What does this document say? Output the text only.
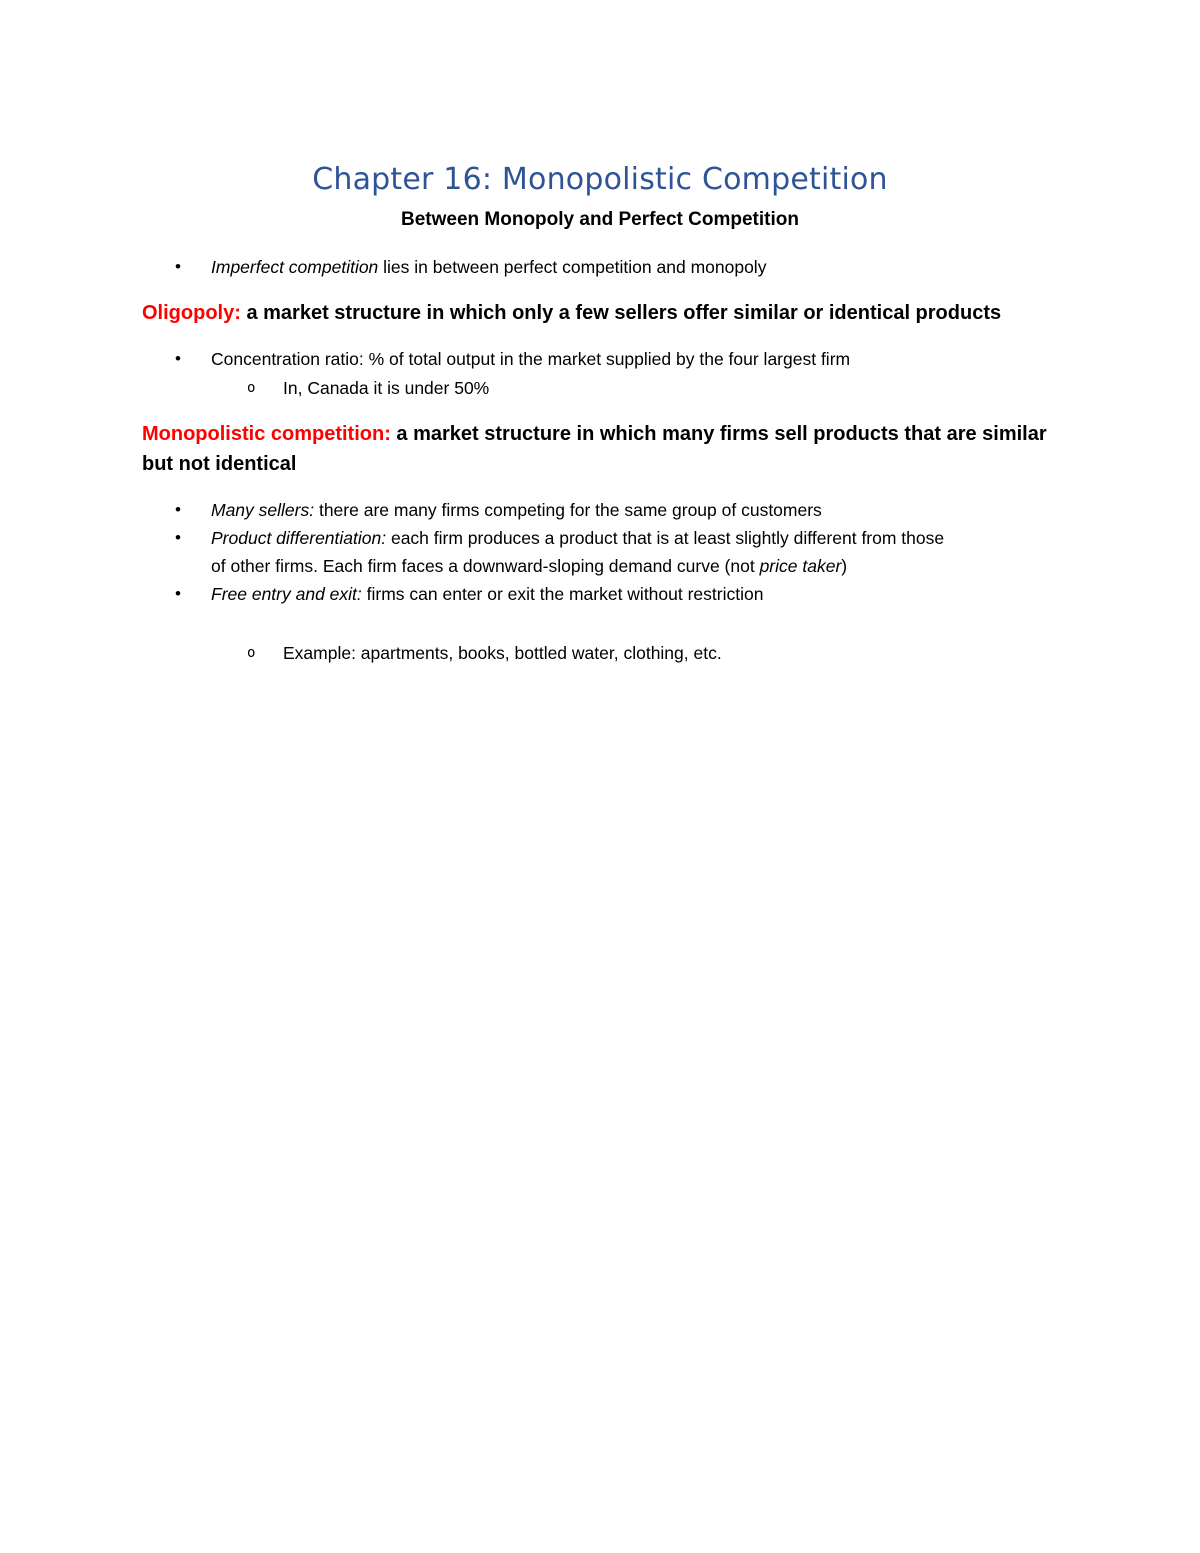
Chapter 16: Monopolistic Competition
Between Monopoly and Perfect Competition
• Imperfect competition lies in between perfect competition and monopoly
Oligopoly: a market structure in which only a few sellers offer similar or identical products
• Concentration ratio: % of total output in the market supplied by the four largest firm
o In, Canada it is under 50%
Monopolistic competition: a market structure in which many firms sell products that are similar
but not identical
• Many sellers: there are many firms competing for the same group of customers
• Product differentiation: each firm produces a product that is at least slightly different from those
of other firms. Each firm faces a downward-sloping demand curve (not price taker)
• Free entry and exit: firms can enter or exit the market without restriction
o Example: apartments, books, bottled water, clothing, etc.
